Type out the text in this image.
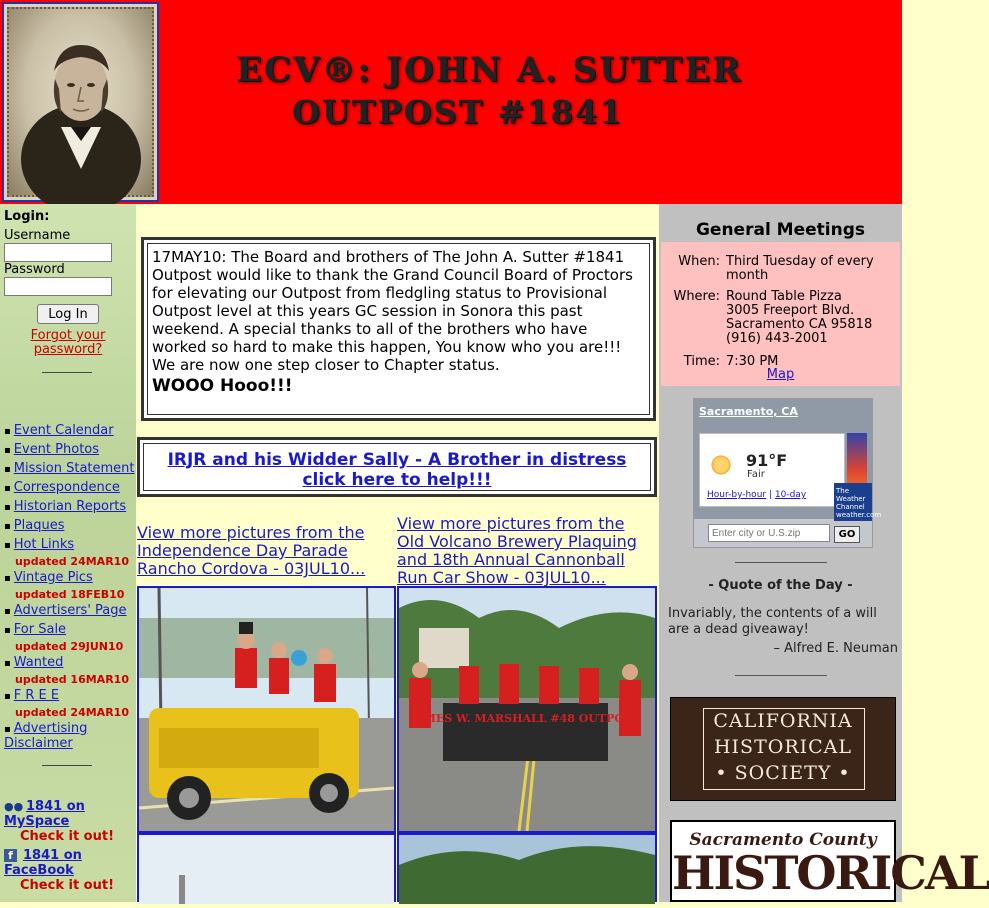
ECV®: JOHN A. SUTTER
OUTPOST #1841
Login:
Username
Password
Log In
Forgot your password?
▪ Event Calendar
▪ Event Photos
▪ Mission Statement
▪ Correspondence
▪ Historian Reports
▪ Plaques
▪ Hot Links
updated 24MAR10
▪ Vintage Pics
updated 18FEB10
▪ Advertisers' Page
▪ For Sale
updated 29JUN10
▪ Wanted
updated 16MAR10
▪ F R E E
updated 24MAR10
▪ Advertising Disclaimer
●● 1841 on MySpace
Check it out!
f 1841 on FaceBook
Check it out!
17MAY10: The Board and brothers of The John A. Sutter #1841 Outpost would like to thank the Grand Council Board of Proctors for elevating our Outpost from fledgling status to Provisional Outpost level at this years GC session in Sonora this past weekend. A special thanks to all of the brothers who have worked so hard to make this happen, You know who you are!!!
We are now one step closer to Chapter status.
WOOO Hooo!!!
IRJR and his Widder Sally - A Brother in distress
click here to help!!!
View more pictures from the Independence Day Parade Rancho Cordova - 03JUL10...
View more pictures from the Old Volcano Brewery Plaquing and 18th Annual Cannonball Run Car Show - 03JUL10...
JAMES W. MARSHALL #48 OUTPOST
General Meetings
When: Third Tuesday of every month
Where: Round Table Pizza
3005 Freeport Blvd.
Sacramento CA 95818
(916) 443-2001
Time: 7:30 PM
Map
Sacramento, CA
91°F
Fair
Hour-by-hour | 10-day	The Weather Channel weather.com
Enter city or U.S.zip
GO
- Quote of the Day -
Invariably, the contents of a will are a dead giveaway!
– Alfred E. Neuman
CALIFORNIA
HISTORICAL
• SOCIETY •
Sacramento County
HISTORICAL
